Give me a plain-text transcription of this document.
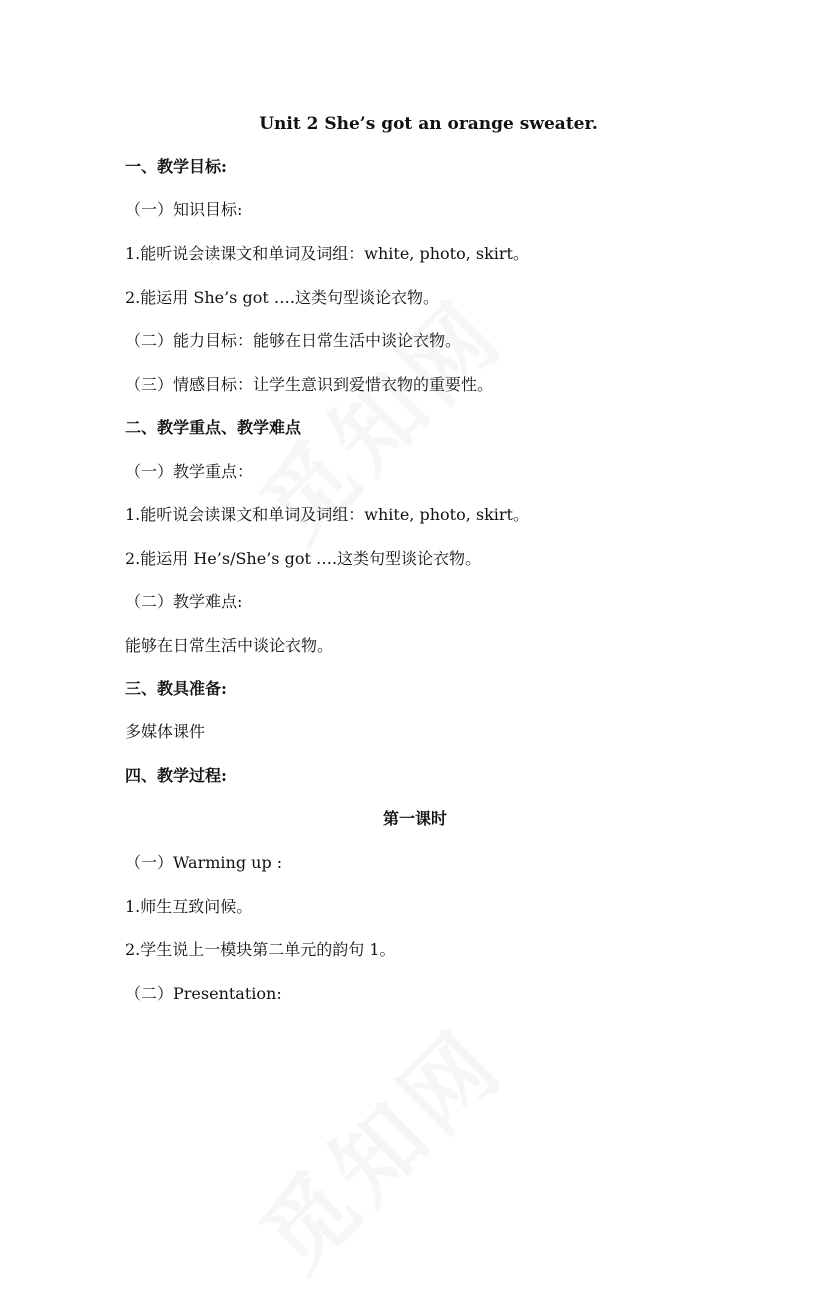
Unit 2 She’s got an orange sweater.
一、教学目标:
（一）知识目标:
1.能听说会读课文和单词及词组：white, photo, skirt。
2.能运用 She’s got ….这类句型谈论衣物。
（二）能力目标：能够在日常生活中谈论衣物。
（三）情感目标：让学生意识到爱惜衣物的重要性。
二、教学重点、教学难点
（一）教学重点：
1.能听说会读课文和单词及词组：white, photo, skirt。
2.能运用 He’s/She’s got ….这类句型谈论衣物。
（二）教学难点:
能够在日常生活中谈论衣物。
三、教具准备:
多媒体课件
四、教学过程:
第一课时
（一）Warming up :
1.师生互致问候。
2.学生说上一模块第二单元的韵句 1。
（二）Presentation:
